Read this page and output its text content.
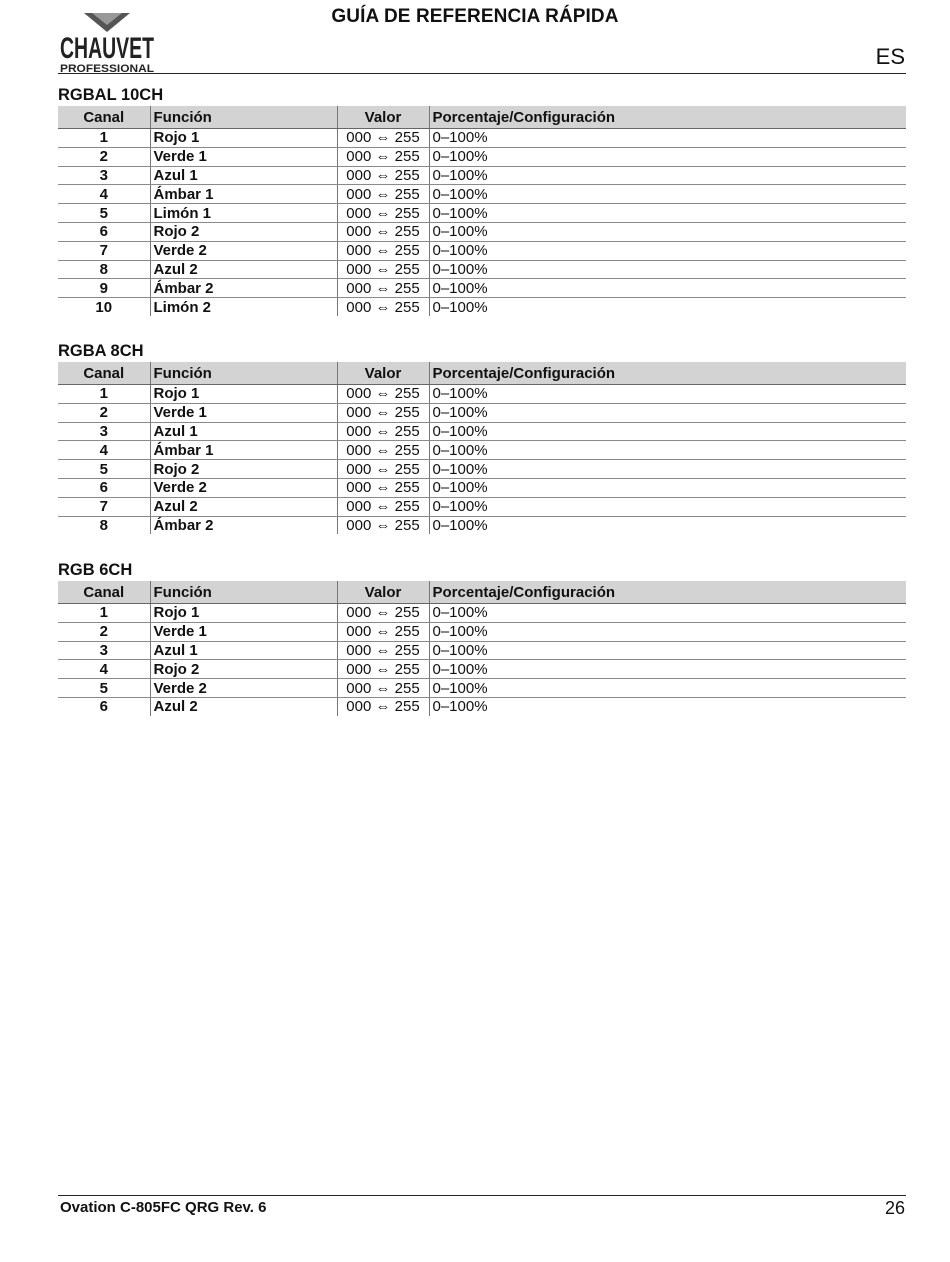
GUÍA DE REFERENCIA RÁPIDA
CHAUVET
PROFESSIONAL	ES
RGBAL 10CH
Canal	Función	Valor	Porcentaje/Configuración
1	Rojo 1	000 ⇔ 255	0–100%
2	Verde 1	000 ⇔ 255	0–100%
3	Azul 1	000 ⇔ 255	0–100%
4	Ámbar 1	000 ⇔ 255	0–100%
5	Limón 1	000 ⇔ 255	0–100%
6	Rojo 2	000 ⇔ 255	0–100%
7	Verde 2	000 ⇔ 255	0–100%
8	Azul 2	000 ⇔ 255	0–100%
9	Ámbar 2	000 ⇔ 255	0–100%
10	Limón 2	000 ⇔ 255	0–100%
RGBA 8CH
Canal	Función	Valor	Porcentaje/Configuración
1	Rojo 1	000 ⇔ 255	0–100%
2	Verde 1	000 ⇔ 255	0–100%
3	Azul 1	000 ⇔ 255	0–100%
4	Ámbar 1	000 ⇔ 255	0–100%
5	Rojo 2	000 ⇔ 255	0–100%
6	Verde 2	000 ⇔ 255	0–100%
7	Azul 2	000 ⇔ 255	0–100%
8	Ámbar 2	000 ⇔ 255	0–100%
RGB 6CH
Canal	Función	Valor	Porcentaje/Configuración
1	Rojo 1	000 ⇔ 255	0–100%
2	Verde 1	000 ⇔ 255	0–100%
3	Azul 1	000 ⇔ 255	0–100%
4	Rojo 2	000 ⇔ 255	0–100%
5	Verde 2	000 ⇔ 255	0–100%
6	Azul 2	000 ⇔ 255	0–100%
Ovation C-805FC QRG Rev. 6	26
